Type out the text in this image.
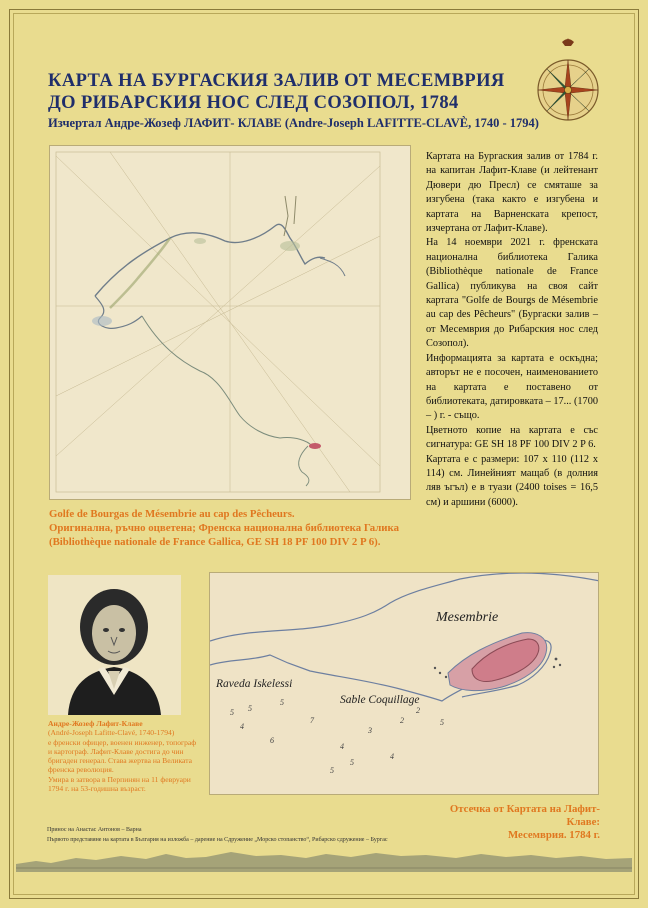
КАРТА НА БУРГАСКИЯ ЗАЛИВ ОТ МЕСЕМВРИЯ
ДО РИБАРСКИЯ НОС СЛЕД СОЗОПОЛ, 1784
Изчертал Андре-Жозеф ЛАФИТ- КЛАВЕ (Andre-Joseph LAFITTE-CLAVÈ, 1740 - 1794)
Golfe de Bourgas de Mésembrie au cap des Pêcheurs.
Оригинална, ръчно оцветена; Френска национална библиотека Галика
(Bibliothèque nationale de France Gallica, GE SH 18 PF 100 DIV 2 P 6).

Картата на Бургаския залив от 1784 г. на капитан Лафит-Клаве (и лейтенант Дювери дю Пресл) се смяташе за изгубена (така както е изгубена и картата на Варненската крепост, изчертана от Лафит-Клаве).

На 14 ноември 2021 г. френската национална библиотека Галика (Bibliothèque nationale de France Gallica) публикува на своя сайт картата "Golfe de Bourgs de Mésembrie au cap des Pêcheurs" (Бургаски залив – от Месемврия до Рибарския нос след Созопол).

Информацията за картата е оскъдна; авторът не е посочен, наименованието на картата е поставено от библиотеката, датировката – 17... (1700 – ) г. - също.

Цветното копие на картата е със сигнатура: GE SH 18 PF 100 DIV 2 P 6.

Картата е с размери: 107 x 110 (112 x 114) см. Линейният мащаб (в долния ляв ъгъл) е в туази (2400 toises = 16,5 см) и аршини (6000).

Андре-Жозеф Лафит-Клаве
(André-Joseph Lafitte-Clavé, 1740-1794)
е френски офицер, военен инженер, топограф и картограф. Лафит-Клаве достига до чин бригаден генерал. Става жертва на Великата френска революция.
Умира в затвора в Перпинян на 11 февруари 1794 г. на 53-годишна възраст.
5 5
4
5
6
7
4
5
3
2
2
5
5
4
Mesembrie
Raveda Iskelessi
Sable Coquillage
Отсечка от Картата на Лафит-Клаве:
Месемврия. 1784 г.
Принос на Анастас Антонов – Варна
Първото представяне на картата в България на изложба – дарение на Сдружение „Морско стопанство“, Рибарско сдружение – Бургас
